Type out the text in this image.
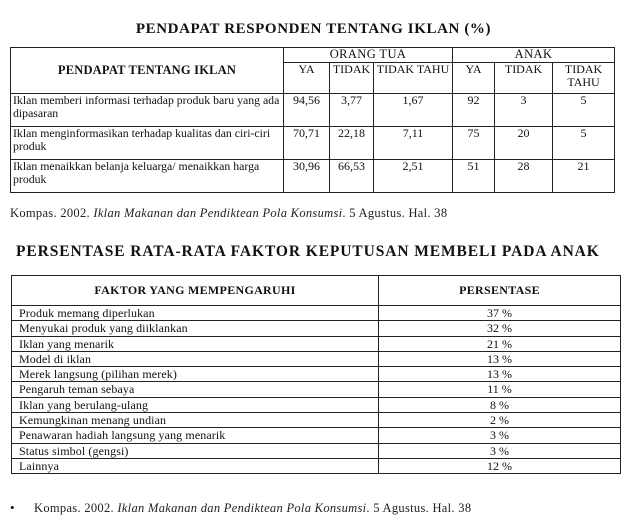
PENDAPAT RESPONDEN TENTANG IKLAN (%)
PENDAPAT TENTANG IKLAN	ORANG TUA			ANAK		
	YA	TIDAK	TIDAK TAHU	YA	TIDAK	TIDAK TAHU
Iklan memberi informasi terhadap produk baru yang ada dipasaran	94,56	3,77	1,67	92	3	5
Iklan menginformasikan terhadap kualitas dan ciri-ciri produk	70,71	22,18	7,11	75	20	5
Iklan menaikkan belanja keluarga/ menaikkan harga produk	30,96	66,53	2,51	51	28	21
Kompas. 2002. Iklan Makanan dan Pendiktean Pola Konsumsi. 5 Agustus. Hal. 38
PERSENTASE RATA-RATA FAKTOR KEPUTUSAN MEMBELI PADA ANAK
FAKTOR YANG MEMPENGARUHI	PERSENTASE
Produk memang diperlukan	37 %
Menyukai produk yang diiklankan	32 %
Iklan yang menarik	21 %
Model di iklan	13 %
Merek langsung (pilihan merek)	13 %
Pengaruh teman sebaya	11 %
Iklan yang berulang-ulang	8 %
Kemungkinan menang undian	2 %
Penawaran hadiah langsung yang menarik	3 %
Status simbol (gengsi)	3 %
Lainnya	12 %
• Kompas. 2002. Iklan Makanan dan Pendiktean Pola Konsumsi. 5 Agustus. Hal. 38
